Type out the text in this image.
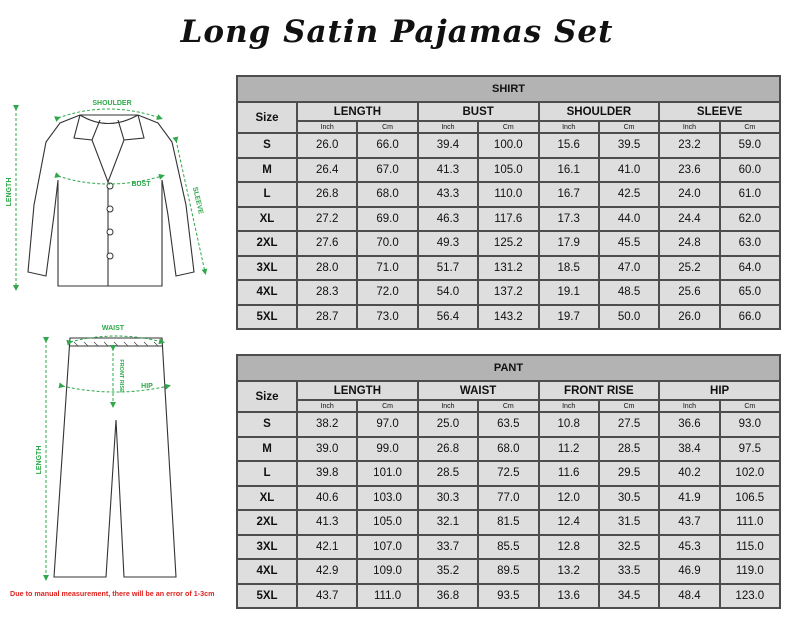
Long Satin Pajamas Set
SHOULDER
LENGTH	BUST
SLEEVE
WAIST
FRONT RISE HIP
LENGTH
Due to manual measurement, there will be an error of 1-3cm
SHIRT								
Size	LENGTH		BUST		SHOULDER		SLEEVE	
	Inch	Cm	Inch	Cm	Inch	Cm	Inch	Cm
S	26.0	66.0	39.4	100.0	15.6	39.5	23.2	59.0
M	26.4	67.0	41.3	105.0	16.1	41.0	23.6	60.0
L	26.8	68.0	43.3	110.0	16.7	42.5	24.0	61.0
XL	27.2	69.0	46.3	117.6	17.3	44.0	24.4	62.0
2XL	27.6	70.0	49.3	125.2	17.9	45.5	24.8	63.0
3XL	28.0	71.0	51.7	131.2	18.5	47.0	25.2	64.0
4XL	28.3	72.0	54.0	137.2	19.1	48.5	25.6	65.0
5XL	28.7	73.0	56.4	143.2	19.7	50.0	26.0	66.0
PANT								
Size	LENGTH		WAIST		FRONT RISE		HIP	
	Inch	Cm	Inch	Cm	Inch	Cm	Inch	Cm
S	38.2	97.0	25.0	63.5	10.8	27.5	36.6	93.0
M	39.0	99.0	26.8	68.0	11.2	28.5	38.4	97.5
L	39.8	101.0	28.5	72.5	11.6	29.5	40.2	102.0
XL	40.6	103.0	30.3	77.0	12.0	30.5	41.9	106.5
2XL	41.3	105.0	32.1	81.5	12.4	31.5	43.7	111.0
3XL	42.1	107.0	33.7	85.5	12.8	32.5	45.3	115.0
4XL	42.9	109.0	35.2	89.5	13.2	33.5	46.9	119.0
5XL	43.7	111.0	36.8	93.5	13.6	34.5	48.4	123.0
